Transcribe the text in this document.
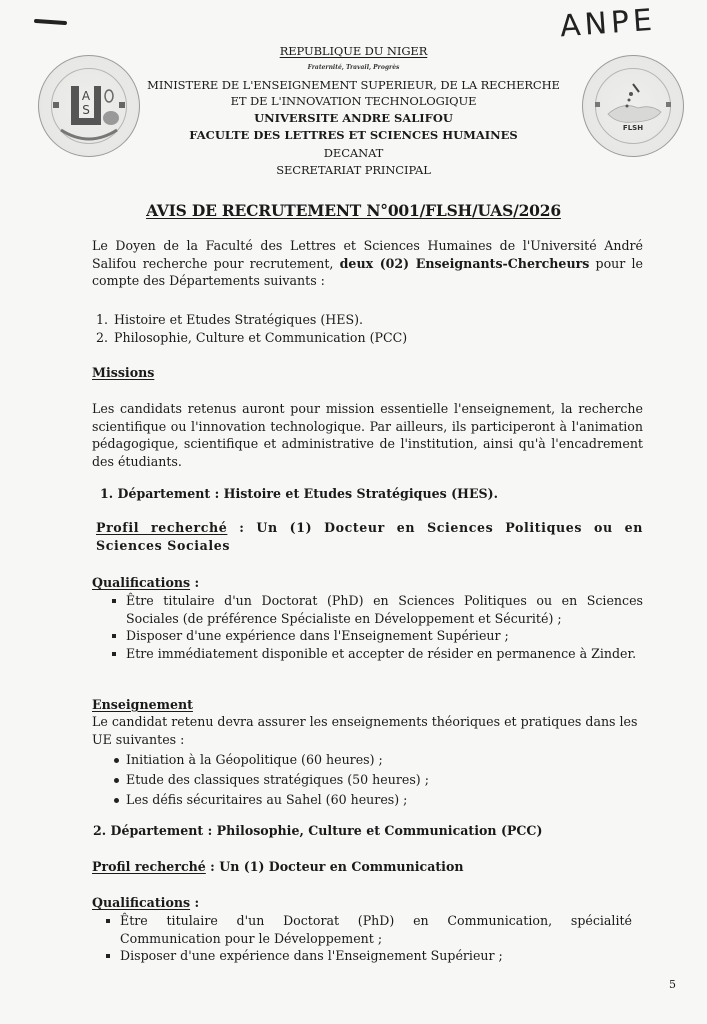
ANPE
A
S
FLSH
REPUBLIQUE DU NIGER
Fraternité, Travail, Progrès
MINISTERE DE L'ENSEIGNEMENT SUPERIEUR, DE LA RECHERCHE
ET DE L'INNOVATION TECHNOLOGIQUE
UNIVERSITE ANDRE SALIFOU
FACULTE DES LETTRES ET SCIENCES HUMAINES
DECANAT
SECRETARIAT PRINCIPAL
AVIS DE RECRUTEMENT N°001/FLSH/UAS/2026
Le Doyen de la Faculté des Lettres et Sciences Humaines de l'Université André Salifou recherche pour recrutement, deux (02) Enseignants-Chercheurs pour le compte des Départements suivants :
1. Histoire et Etudes Stratégiques (HES).
2. Philosophie, Culture et Communication (PCC)
Missions
Les candidats retenus auront pour mission essentielle l'enseignement, la recherche scientifique ou l'innovation technologique. Par ailleurs, ils participeront à l'animation pédagogique, scientifique et administrative de l'institution, ainsi qu'à l'encadrement des étudiants.
1. Département : Histoire et Etudes Stratégiques (HES).
Profil recherché : Un (1) Docteur en Sciences Politiques ou en Sciences Sociales
Qualifications :
Être titulaire d'un Doctorat (PhD) en Sciences Politiques ou en Sciences Sociales (de préférence Spécialiste en Développement et Sécurité) ;
Disposer d'une expérience dans l'Enseignement Supérieur ;
Etre immédiatement disponible et accepter de résider en permanence à Zinder.
Enseignement
Le candidat retenu devra assurer les enseignements théoriques et pratiques dans les UE suivantes :
Initiation à la Géopolitique (60 heures) ;
Etude des classiques stratégiques (50 heures) ;
Les défis sécuritaires au Sahel (60 heures) ;
2. Département : Philosophie, Culture et Communication (PCC)
Profil recherché : Un (1) Docteur en Communication
Qualifications :
Être titulaire d'un Doctorat (PhD) en Communication, spécialité Communication pour le Développement ;
Disposer d'une expérience dans l'Enseignement Supérieur ;
5
